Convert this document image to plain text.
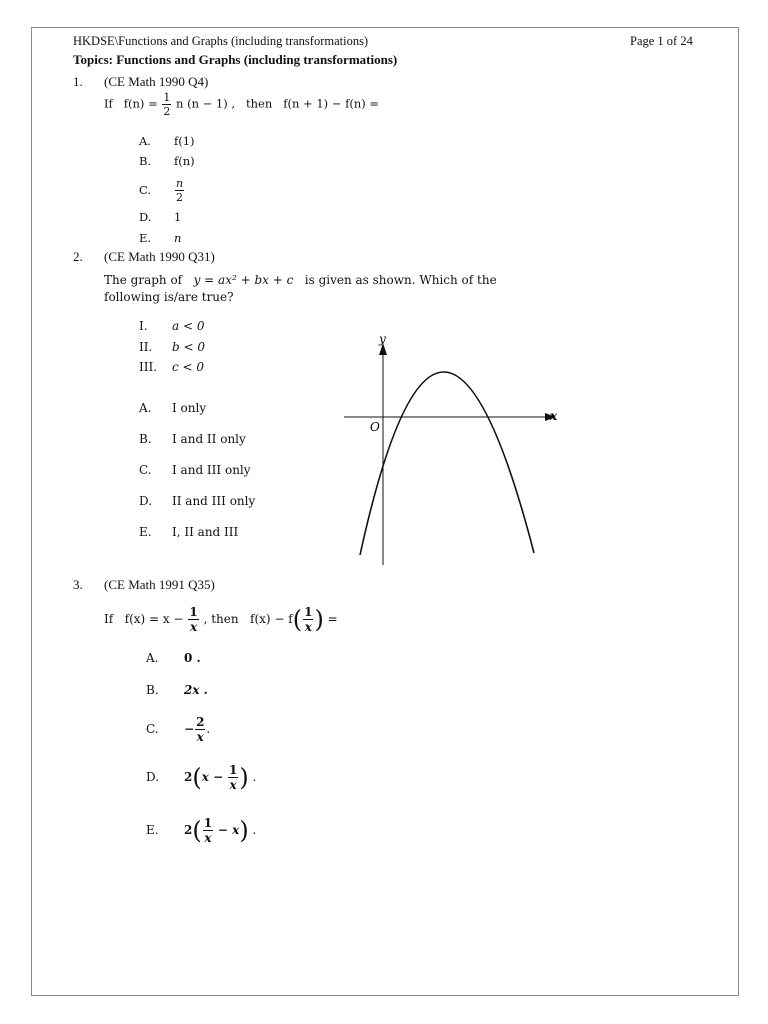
HKDSE\Functions and Graphs (including transformations)	Page 1 of 24
Topics: Functions and Graphs (including transformations)
1. (CE Math 1990 Q4)
If $f(n) = \frac{1}{2}$ n (n − 1) , then f(n + 1) − f(n) =
A. f(1)
B. f(n)
C. $\frac{n}{2}$
D. 1
E. n
2. (CE Math 1990 Q31)
The graph of y = ax² + bx + c is given as shown. Which of the
following is/are true?
I. a < 0
II. b < 0
III. c < 0
A. I only
B. I and II only
C. I and III only
D. II and III only
E. I, II and III
y
x
O
3. (CE Math 1991 Q35)
If $f(x) = x - \frac{1}{x}$ , then $f(x) - f( \frac{1}{x}$ ) =
A. 0 .
B. 2x .
C. − $\frac{2}{x}$ .
D. $2(x - \frac{1}{x}$ ) .
E. $2( \frac{1}{x} - x)$ .
